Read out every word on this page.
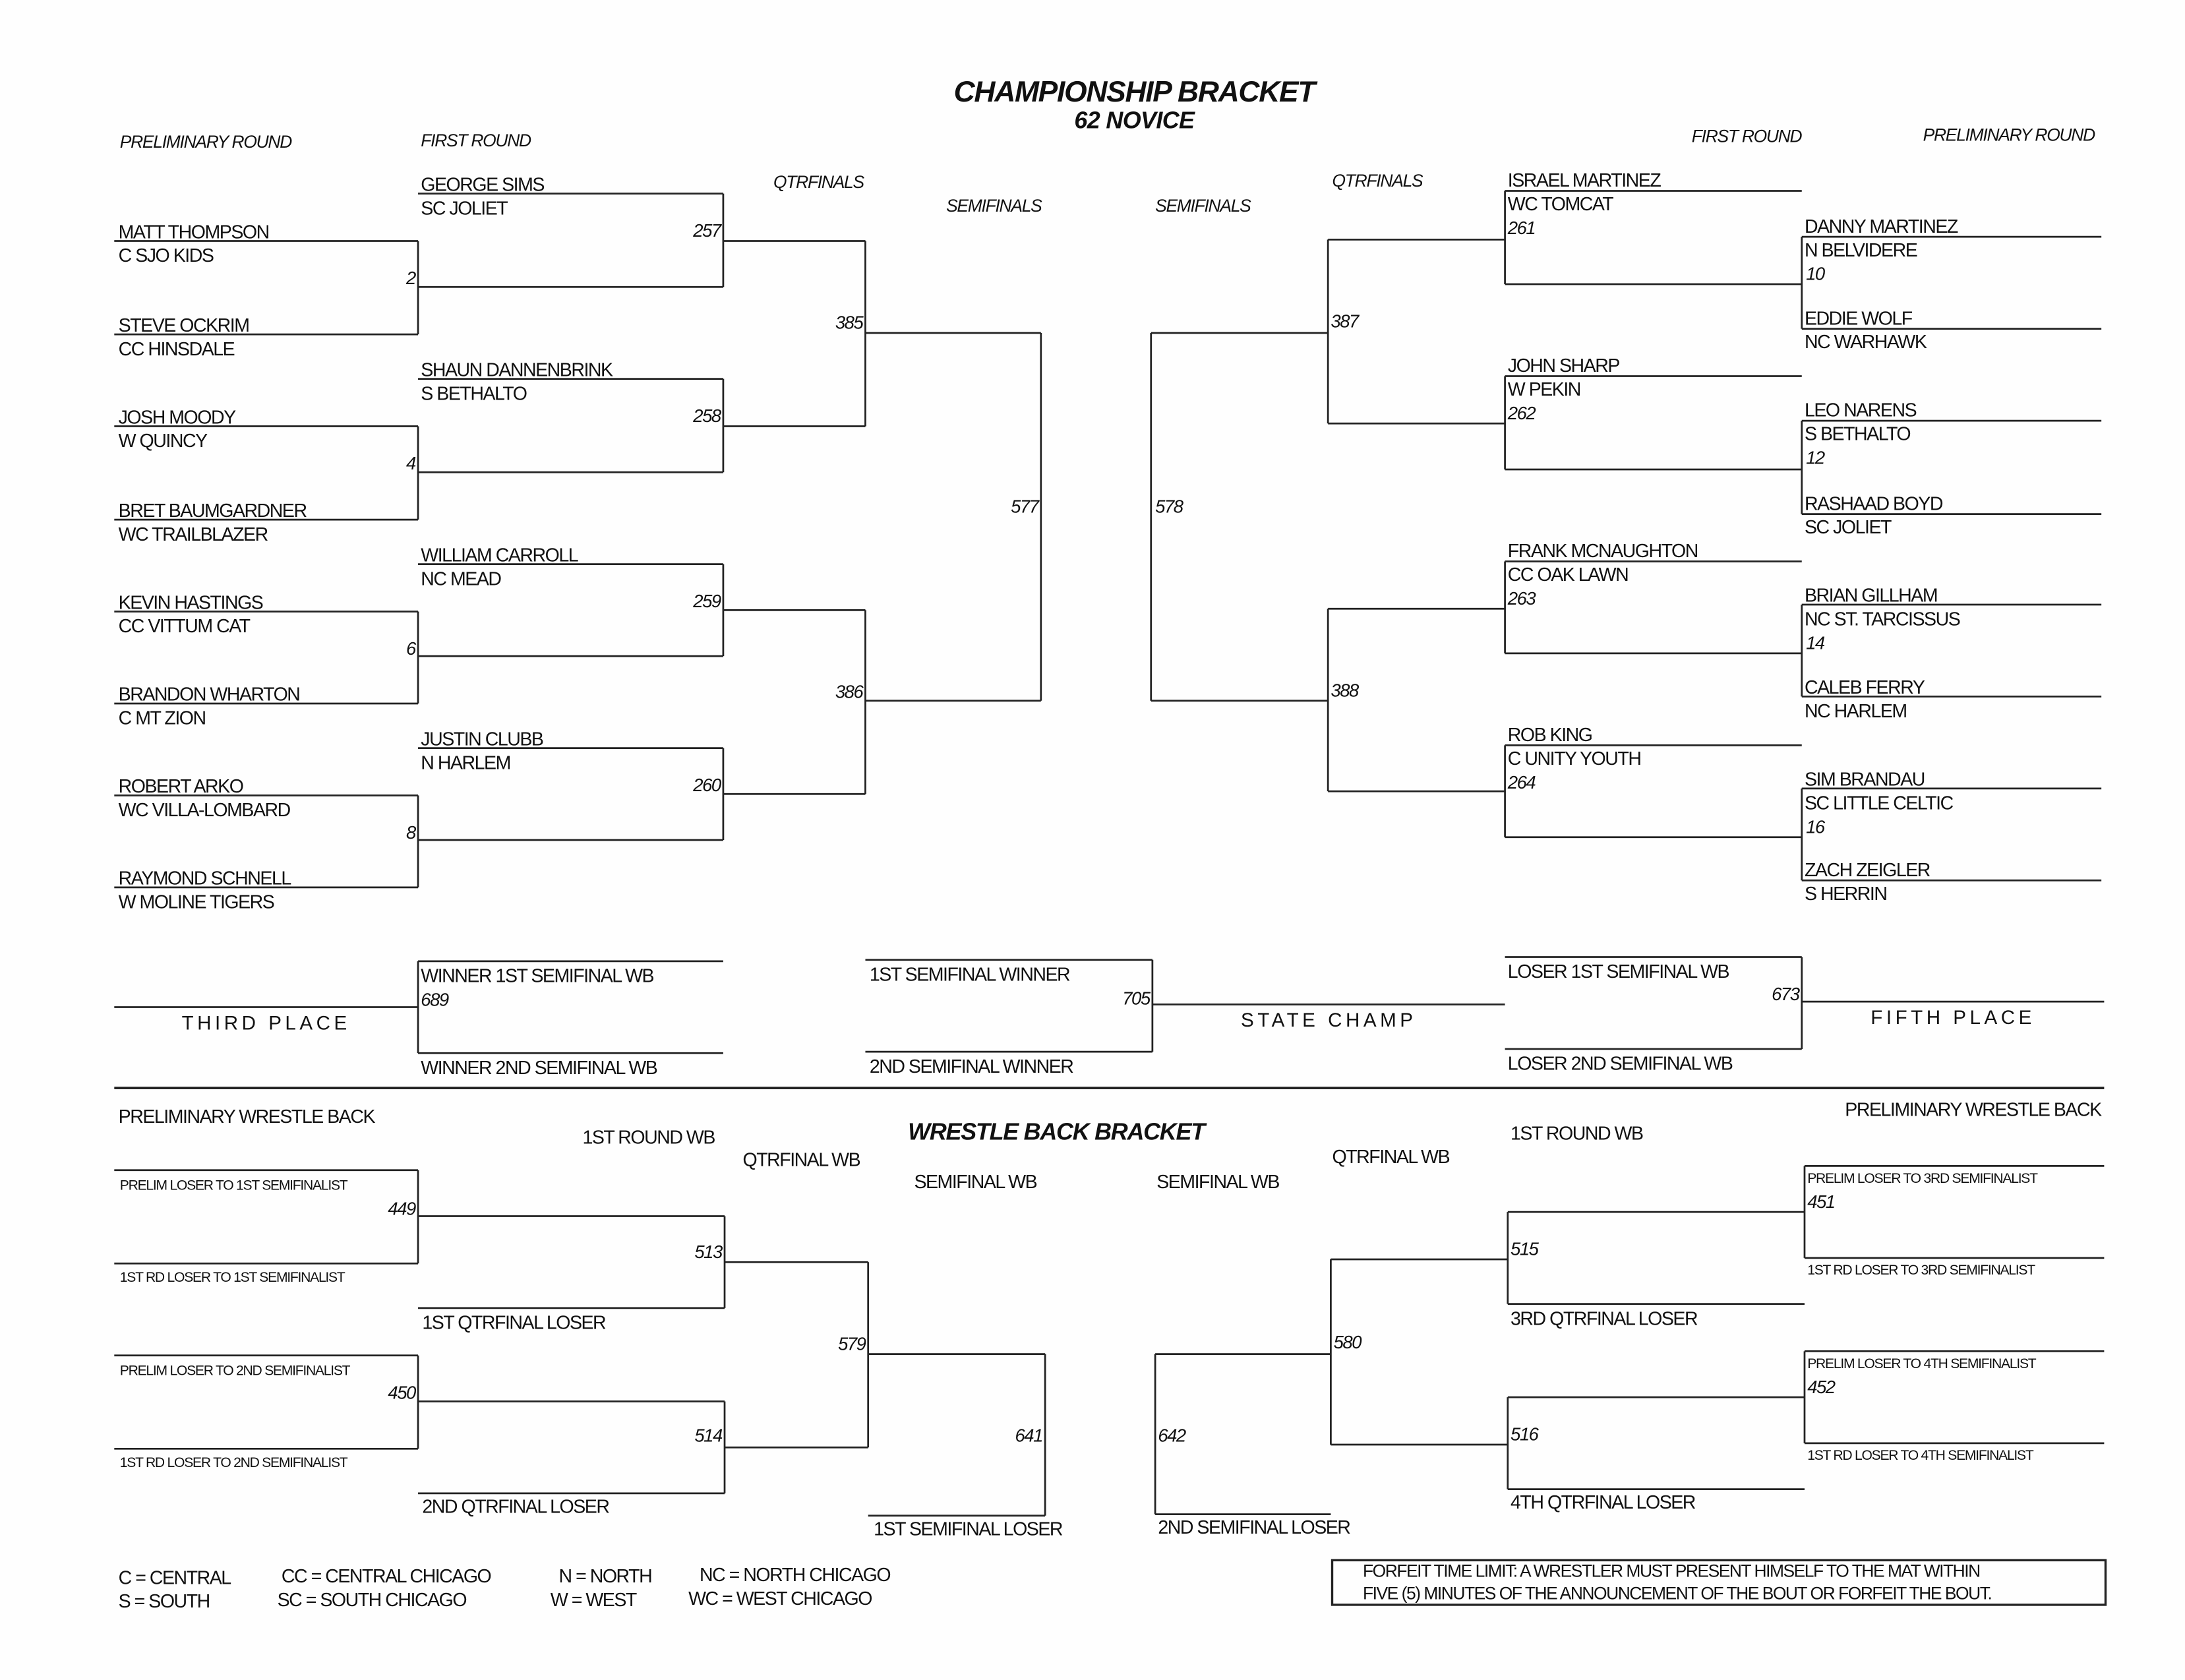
CHAMPIONSHIP BRACKET
62 NOVICE
PRELIMINARY ROUND	FIRST ROUND
QTRFINALS
SEMIFINALS	SEMIFINALS
QTRFINALS
FIRST ROUND	PRELIMINARY ROUND
MATT THOMPSON
C SJO KIDS
STEVE OCKRIM
CC HINSDALE
JOSH MOODY
W QUINCY
BRET BAUMGARDNER
WC TRAILBLAZER
KEVIN HASTINGS
CC VITTUM CAT
BRANDON WHARTON
C MT ZION
ROBERT ARKO
WC VILLA-LOMBARD
RAYMOND SCHNELL
W MOLINE TIGERS
2
4
6
8
GEORGE SIMS
SC JOLIET
SHAUN DANNENBRINK
S BETHALTO
WILLIAM CARROLL
NC MEAD
JUSTIN CLUBB
N HARLEM
257
258
259
260
385
386
577	578
387
388
ISRAEL MARTINEZ
WC TOMCAT
261
JOHN SHARP
W PEKIN
262
FRANK MCNAUGHTON
CC OAK LAWN
263
ROB KING
C UNITY YOUTH
264
DANNY MARTINEZ
N BELVIDERE
10
EDDIE WOLF
NC WARHAWK
LEO NARENS
S BETHALTO
12
RASHAAD BOYD
SC JOLIET
BRIAN GILLHAM
NC ST. TARCISSUS
14
CALEB FERRY
NC HARLEM
SIM BRANDAU
SC LITTLE CELTIC
16
ZACH ZEIGLER
S HERRIN
WINNER 1ST SEMIFINAL WB
689
WINNER 2ND SEMIFINAL WB
THIRD PLACE
1ST SEMIFINAL WINNER
705
2ND SEMIFINAL WINNER
STATE CHAMP
LOSER 1ST SEMIFINAL WB
673
LOSER 2ND SEMIFINAL WB
FIFTH PLACE
WRESTLE BACK BRACKET
PRELIMINARY WRESTLE BACK
1ST ROUND WB
QTRFINAL WB
SEMIFINAL WB	SEMIFINAL WB
QTRFINAL WB
1ST ROUND WB
PRELIMINARY WRESTLE BACK
PRELIM LOSER TO 1ST SEMIFINALIST
1ST RD LOSER TO 1ST SEMIFINALIST
PRELIM LOSER TO 2ND SEMIFINALIST
1ST RD LOSER TO 2ND SEMIFINALIST
449
450
513
514
1ST QTRFINAL LOSER
2ND QTRFINAL LOSER
579
641
1ST SEMIFINAL LOSER
642
2ND SEMIFINAL LOSER
580
515
516
3RD QTRFINAL LOSER
4TH QTRFINAL LOSER
PRELIM LOSER TO 3RD SEMIFINALIST
451
1ST RD LOSER TO 3RD SEMIFINALIST
PRELIM LOSER TO 4TH SEMIFINALIST
452
1ST RD LOSER TO 4TH SEMIFINALIST
C = CENTRAL
S = SOUTH
CC = CENTRAL CHICAGO
SC = SOUTH CHICAGO
N = NORTH
W = WEST
NC = NORTH CHICAGO
WC = WEST CHICAGO
FORFEIT TIME LIMIT: A WRESTLER MUST PRESENT HIMSELF TO THE MAT WITHIN
FIVE (5) MINUTES OF THE ANNOUNCEMENT OF THE BOUT OR FORFEIT THE BOUT.
